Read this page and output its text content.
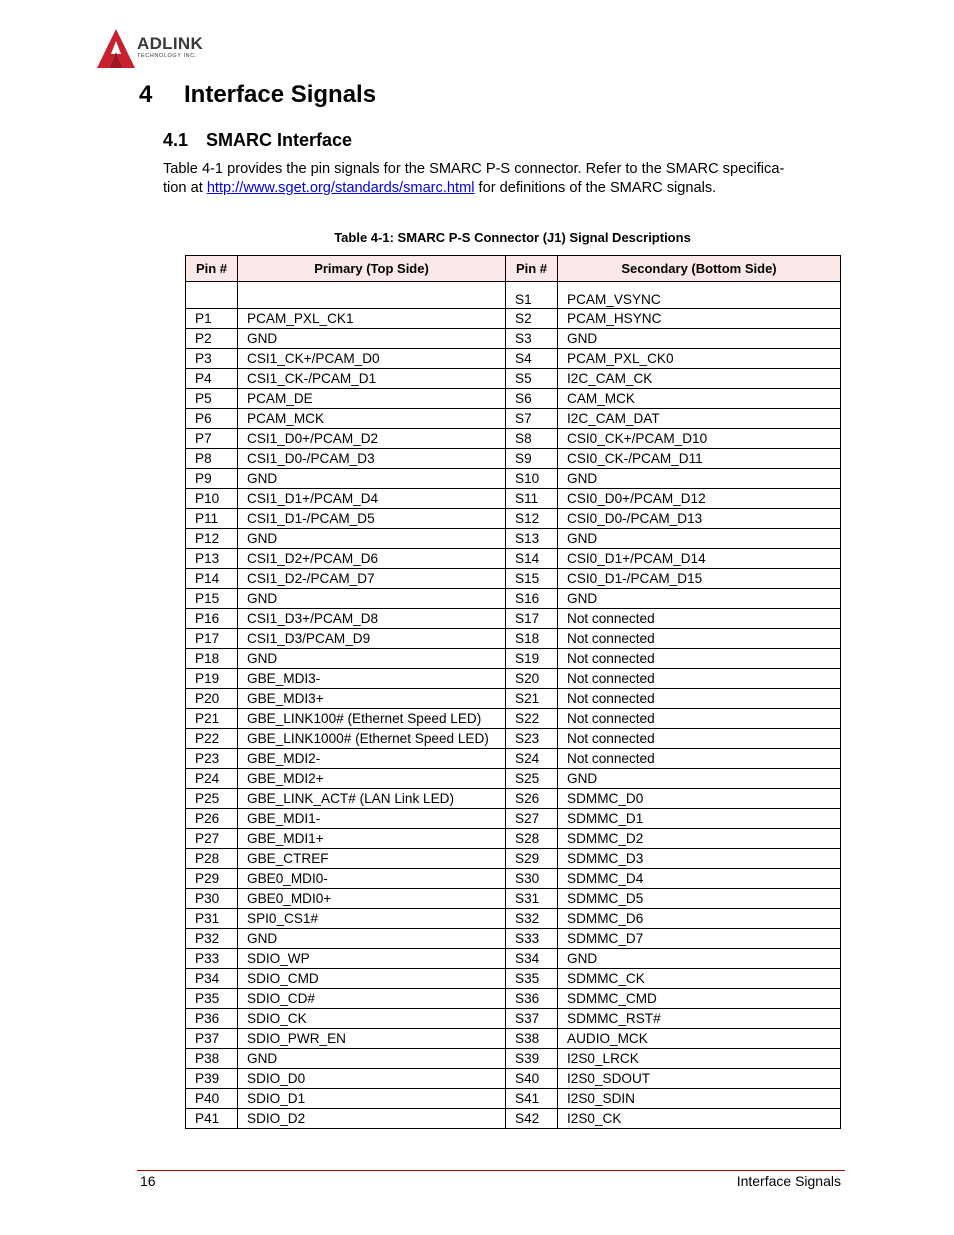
ADLINK
TECHNOLOGY INC.
4 Interface Signals
4.1 SMARC Interface
Table 4-1 provides the pin signals for the SMARC P-S connector. Refer to the SMARC specifica-
tion at http://www.sget.org/standards/smarc.html for definitions of the SMARC signals.
Table 4-1: SMARC P-S Connector (J1) Signal Descriptions
Pin #	Primary (Top Side)	Pin #	Secondary (Bottom Side)
		S1	PCAM_VSYNC
P1	PCAM_PXL_CK1	S2	PCAM_HSYNC
P2	GND	S3	GND
P3	CSI1_CK+/PCAM_D0	S4	PCAM_PXL_CK0
P4	CSI1_CK-/PCAM_D1	S5	I2C_CAM_CK
P5	PCAM_DE	S6	CAM_MCK
P6	PCAM_MCK	S7	I2C_CAM_DAT
P7	CSI1_D0+/PCAM_D2	S8	CSI0_CK+/PCAM_D10
P8	CSI1_D0-/PCAM_D3	S9	CSI0_CK-/PCAM_D11
P9	GND	S10	GND
P10	CSI1_D1+/PCAM_D4	S11	CSI0_D0+/PCAM_D12
P11	CSI1_D1-/PCAM_D5	S12	CSI0_D0-/PCAM_D13
P12	GND	S13	GND
P13	CSI1_D2+/PCAM_D6	S14	CSI0_D1+/PCAM_D14
P14	CSI1_D2-/PCAM_D7	S15	CSI0_D1-/PCAM_D15
P15	GND	S16	GND
P16	CSI1_D3+/PCAM_D8	S17	Not connected
P17	CSI1_D3/PCAM_D9	S18	Not connected
P18	GND	S19	Not connected
P19	GBE_MDI3-	S20	Not connected
P20	GBE_MDI3+	S21	Not connected
P21	GBE_LINK100# (Ethernet Speed LED)	S22	Not connected
P22	GBE_LINK1000# (Ethernet Speed LED)	S23	Not connected
P23	GBE_MDI2-	S24	Not connected
P24	GBE_MDI2+	S25	GND
P25	GBE_LINK_ACT# (LAN Link LED)	S26	SDMMC_D0
P26	GBE_MDI1-	S27	SDMMC_D1
P27	GBE_MDI1+	S28	SDMMC_D2
P28	GBE_CTREF	S29	SDMMC_D3
P29	GBE0_MDI0-	S30	SDMMC_D4
P30	GBE0_MDI0+	S31	SDMMC_D5
P31	SPI0_CS1#	S32	SDMMC_D6
P32	GND	S33	SDMMC_D7
P33	SDIO_WP	S34	GND
P34	SDIO_CMD	S35	SDMMC_CK
P35	SDIO_CD#	S36	SDMMC_CMD
P36	SDIO_CK	S37	SDMMC_RST#
P37	SDIO_PWR_EN	S38	AUDIO_MCK
P38	GND	S39	I2S0_LRCK
P39	SDIO_D0	S40	I2S0_SDOUT
P40	SDIO_D1	S41	I2S0_SDIN
P41	SDIO_D2	S42	I2S0_CK
16	Interface Signals
